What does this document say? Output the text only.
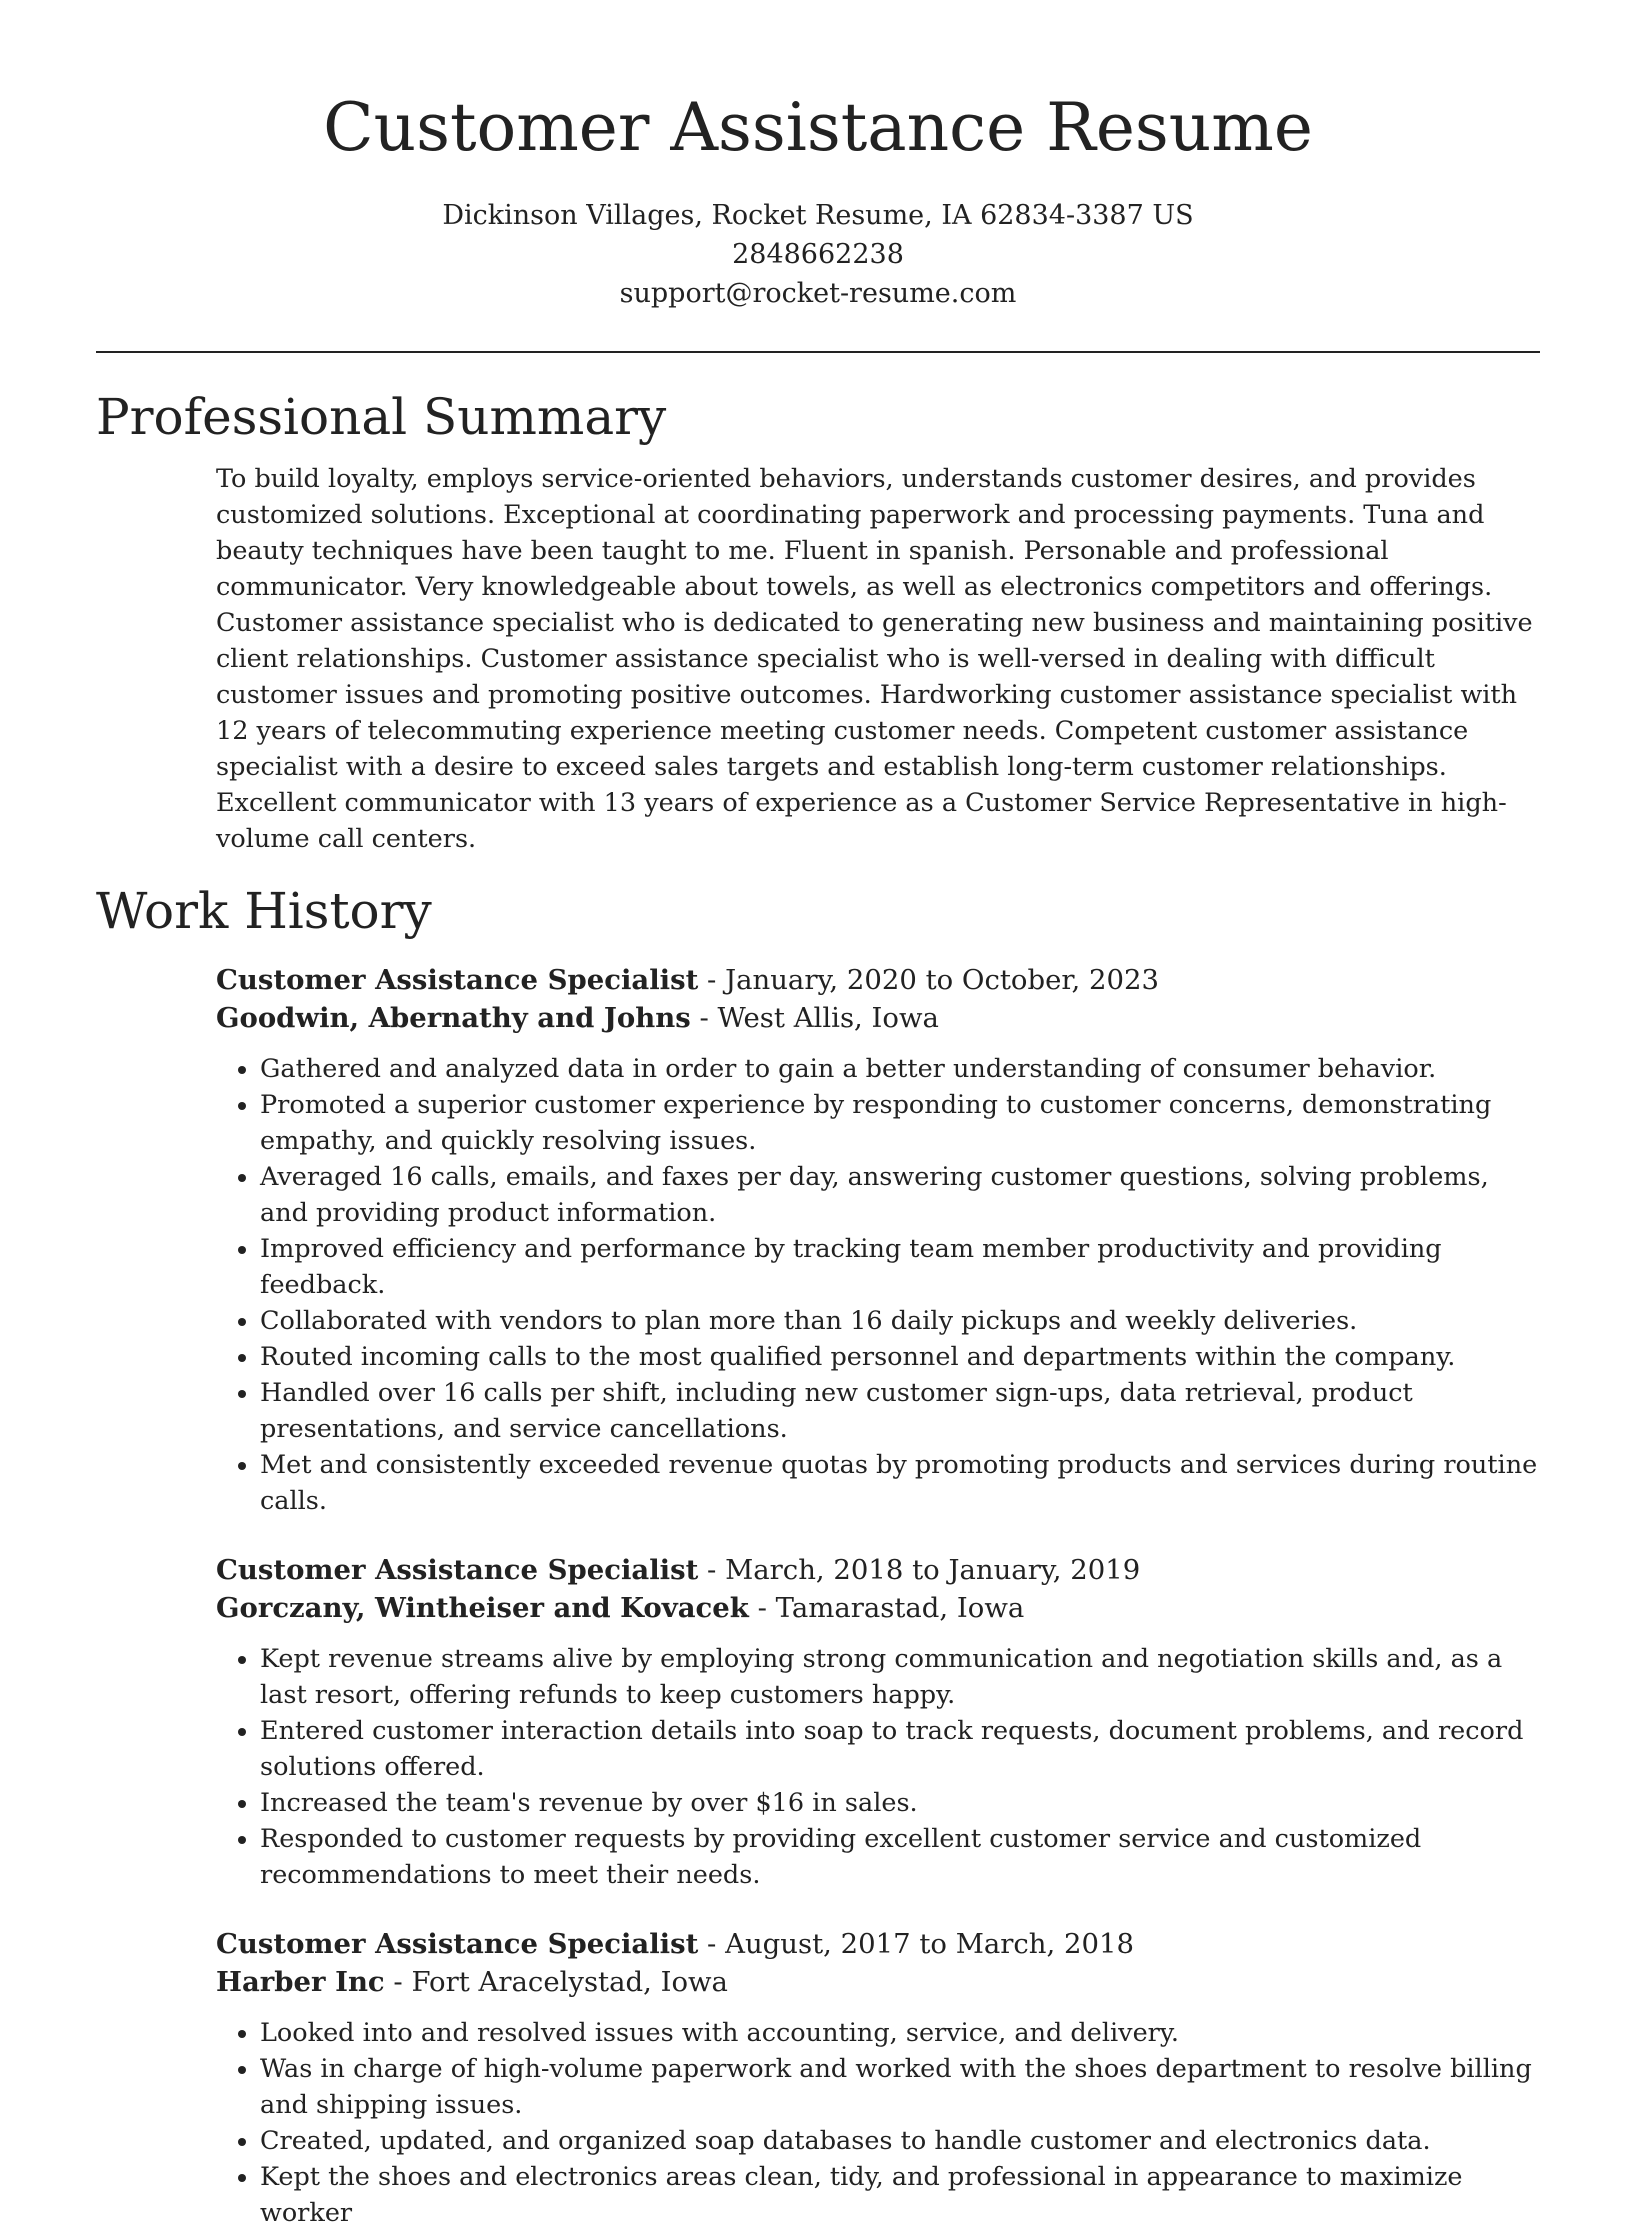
Customer Assistance Resume
Dickinson Villages, Rocket Resume, IA 62834-3387 US
2848662238
support@rocket-resume.com
Professional Summary

To build loyalty, employs service-oriented behaviors, understands customer desires, and provides customized solutions. Exceptional at coordinating paperwork and processing payments. Tuna and beauty techniques have been taught to me. Fluent in spanish. Personable and professional communicator. Very knowledgeable about towels, as well as electronics competitors and offerings. Customer assistance specialist who is dedicated to generating new business and maintaining positive client relationships. Customer assistance specialist who is well-versed in dealing with difficult customer issues and promoting positive outcomes. Hardworking customer assistance specialist with 12 years of telecommuting experience meeting customer needs. Competent customer assistance specialist with a desire to exceed sales targets and establish long-term customer relationships. Excellent communicator with 13 years of experience as a Customer Service Representative in high-volume call centers.

Work History
Customer Assistance Specialist - January, 2020 to October, 2023
Goodwin, Abernathy and Johns - West Allis, Iowa
• Gathered and analyzed data in order to gain a better understanding of consumer behavior.
• Promoted a superior customer experience by responding to customer concerns, demonstrating empathy, and quickly resolving issues.
• Averaged 16 calls, emails, and faxes per day, answering customer questions, solving problems, and providing product information.
• Improved efficiency and performance by tracking team member productivity and providing feedback.
• Collaborated with vendors to plan more than 16 daily pickups and weekly deliveries.
• Routed incoming calls to the most qualified personnel and departments within the company.
• Handled over 16 calls per shift, including new customer sign-ups, data retrieval, product presentations, and service cancellations.
• Met and consistently exceeded revenue quotas by promoting products and services during routine calls.
Customer Assistance Specialist - March, 2018 to January, 2019
Gorczany, Wintheiser and Kovacek - Tamarastad, Iowa
• Kept revenue streams alive by employing strong communication and negotiation skills and, as a last resort, offering refunds to keep customers happy.
• Entered customer interaction details into soap to track requests, document problems, and record solutions offered.
• Increased the team's revenue by over $16 in sales.
• Responded to customer requests by providing excellent customer service and customized recommendations to meet their needs.
Customer Assistance Specialist - August, 2017 to March, 2018
Harber Inc - Fort Aracelystad, Iowa
• Looked into and resolved issues with accounting, service, and delivery.
• Was in charge of high-volume paperwork and worked with the shoes department to resolve billing and shipping issues.
• Created, updated, and organized soap databases to handle customer and electronics data.
• Kept the shoes and electronics areas clean, tidy, and professional in appearance to maximize worker
